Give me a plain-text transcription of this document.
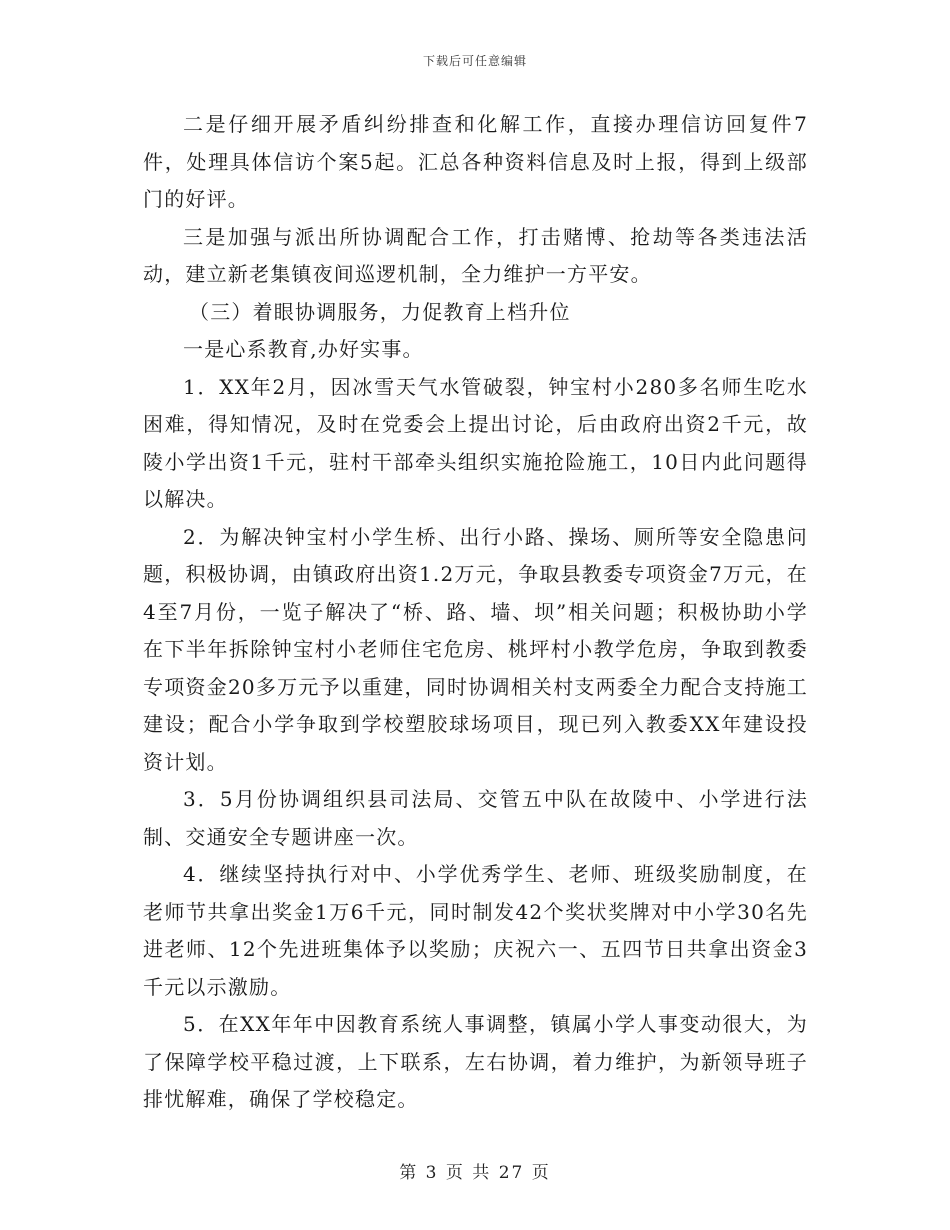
下载后可任意编辑

二是仔细开展矛盾纠纷排查和化解工作，直接办理信访回复件7件，处理具体信访个案5起。汇总各种资料信息及时上报，得到上级部门的好评。

三是加强与派出所协调配合工作，打击赌博、抢劫等各类违法活动，建立新老集镇夜间巡逻机制，全力维护一方平安。

（三）着眼协调服务，力促教育上档升位

一是心系教育,办好实事。

1．XX年2月，因冰雪天气水管破裂，钟宝村小280多名师生吃水困难，得知情况，及时在党委会上提出讨论，后由政府出资2千元，故陵小学出资1千元，驻村干部牵头组织实施抢险施工，10日内此问题得以解决。

2．为解决钟宝村小学生桥、出行小路、操场、厕所等安全隐患问题，积极协调，由镇政府出资1.2万元，争取县教委专项资金7万元，在4至7月份，一览子解决了“桥、路、墙、坝”相关问题；积极协助小学在下半年拆除钟宝村小老师住宅危房、桃坪村小教学危房，争取到教委专项资金20多万元予以重建，同时协调相关村支两委全力配合支持施工建设；配合小学争取到学校塑胶球场项目，现已列入教委XX年建设投资计划。

3．5月份协调组织县司法局、交管五中队在故陵中、小学进行法制、交通安全专题讲座一次。

4．继续坚持执行对中、小学优秀学生、老师、班级奖励制度，在老师节共拿出奖金1万6千元，同时制发42个奖状奖牌对中小学30名先进老师、12个先进班集体予以奖励；庆祝六一、五四节日共拿出资金3千元以示激励。

5．在XX年年中因教育系统人事调整，镇属小学人事变动很大，为了保障学校平稳过渡，上下联系，左右协调，着力维护，为新领导班子排忧解难，确保了学校稳定。

第 3 页 共 27 页
